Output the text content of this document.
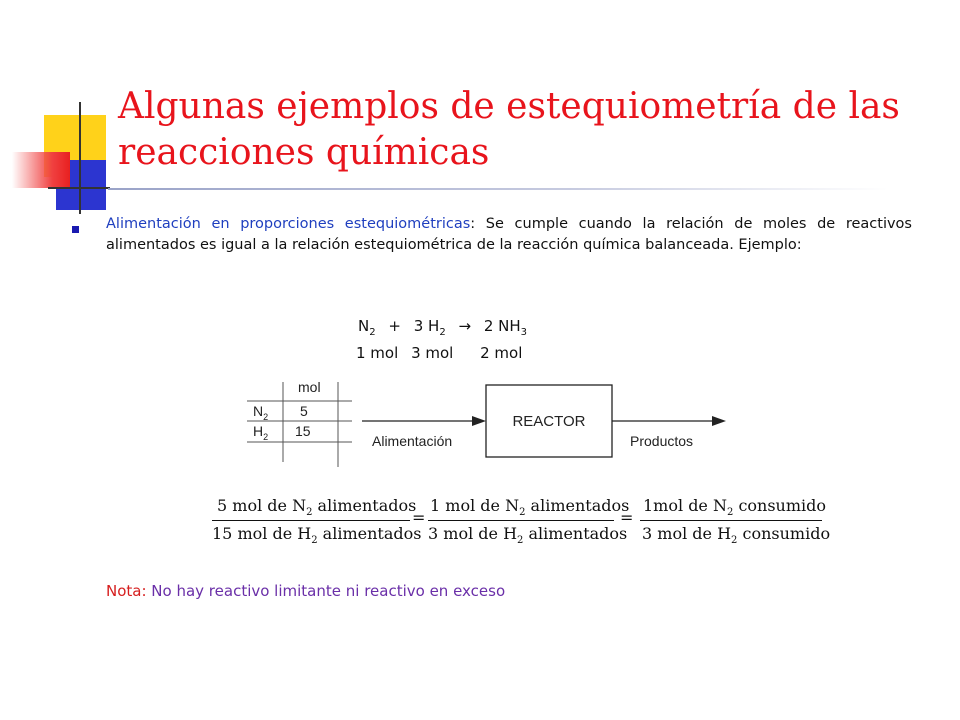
Algunas ejemplos de estequiometría de las
reacciones químicas
Alimentación en proporciones estequiométricas: Se cumple cuando la relación de moles de reactivos alimentados es igual a la relación estequiométrica de la reacción química balanceada. Ejemplo:
$N_2 + 3$ $H_2 \to 2$ $NH_3$
1 mol 3 mol 2 mol
mol
$N_2$ 5
$H_2$ 15
REACTOR
Alimentación	Productos
5 mol de $N_2$ alimentados
15 mol de $H_2$ alimentados
=
1 mol de $N_2$ alimentados
3 mol de $H_2$ alimentados
=
1mol de $N_2$ consumido
3 mol de $H_2$ consumido
Nota: No hay reactivo limitante ni reactivo en exceso
